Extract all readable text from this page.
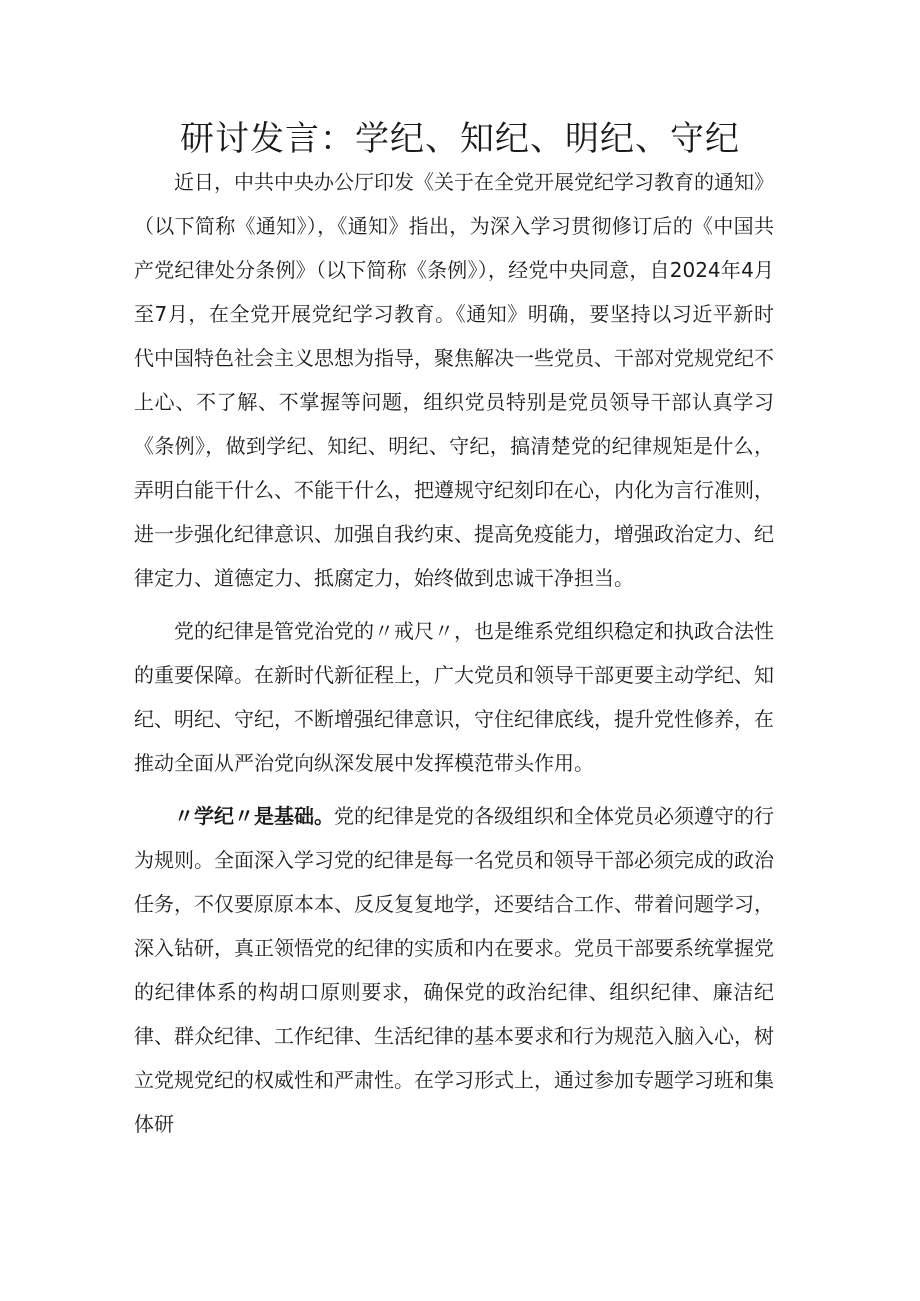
研讨发言：学纪、知纪、明纪、守纪

近日，中共中央办公厅印发《关于在全党开展党纪学习教育的通知》（以下简称《通知》），《通知》指出，为深入学习贯彻修订后的《中国共产党纪律处分条例》（以下简称《条例》），经党中央同意，自2024年4月至7月，在全党开展党纪学习教育。《通知》明确，要坚持以习近平新时代中国特色社会主义思想为指导，聚焦解决一些党员、干部对党规党纪不上心、不了解、不掌握等问题，组织党员特别是党员领导干部认真学习《条例》，做到学纪、知纪、明纪、守纪，搞清楚党的纪律规矩是什么，弄明白能干什么、不能干什么，把遵规守纪刻印在心，内化为言行准则，进一步强化纪律意识、加强自我约束、提高免疫能力，增强政治定力、纪律定力、道德定力、抵腐定力，始终做到忠诚干净担当。

党的纪律是管党治党的〃戒尺〃，也是维系党组织稳定和执政合法性的重要保障。在新时代新征程上，广大党员和领导干部更要主动学纪、知纪、明纪、守纪，不断增强纪律意识，守住纪律底线，提升党性修养，在推动全面从严治党向纵深发展中发挥模范带头作用。

〃学纪〃是基础。党的纪律是党的各级组织和全体党员必须遵守的行为规则。全面深入学习党的纪律是每一名党员和领导干部必须完成的政治任务，不仅要原原本本、反反复复地学，还要结合工作、带着问题学习，深入钻研，真正领悟党的纪律的实质和内在要求。党员干部要系统掌握党的纪律体系的构胡口原则要求，确保党的政治纪律、组织纪律、廉洁纪律、群众纪律、工作纪律、生活纪律的基本要求和行为规范入脑入心，树立党规党纪的权威性和严肃性。在学习形式上，通过参加专题学习班和集体研
